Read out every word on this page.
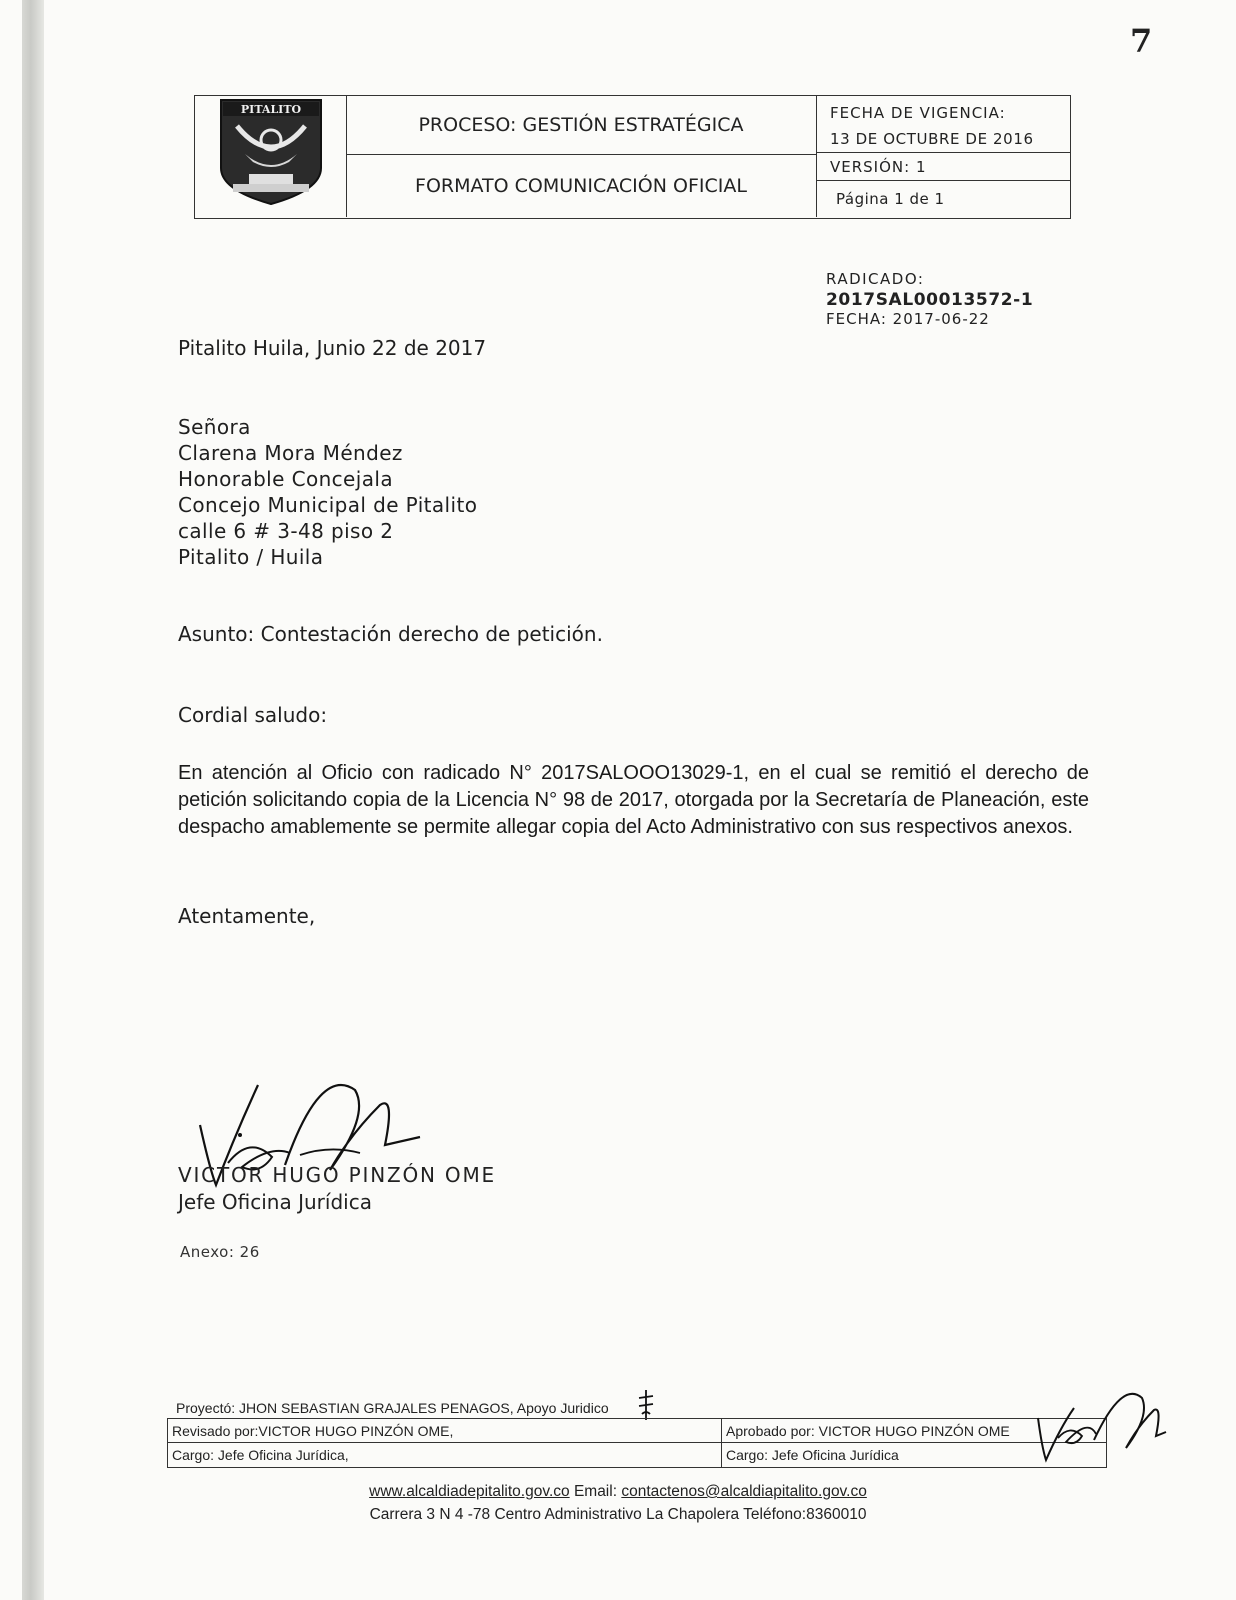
7
PITALITO
PROCESO: GESTIÓN ESTRATÉGICA
FORMATO COMUNICACIÓN OFICIAL
FECHA DE VIGENCIA:
13 DE OCTUBRE DE 2016
VERSIÓN: 1
Página 1 de 1
RADICADO:
2017SAL00013572-1
FECHA: 2017-06-22
Pitalito Huila, Junio 22 de 2017
Señora
Clarena Mora Méndez
Honorable Concejala
Concejo Municipal de Pitalito
calle 6 # 3-48 piso 2
Pitalito / Huila
Asunto: Contestación derecho de petición.
Cordial saludo:
En atención al Oficio con radicado N° 2017SALOOO13029-1, en el cual se remitió el derecho de petición solicitando copia de la Licencia N° 98 de 2017, otorgada por la Secretaría de Planeación, este despacho amablemente se permite allegar copia del Acto Administrativo con sus respectivos anexos.
Atentamente,
VICTOR HUGO PINZÓN OME
Jefe Oficina Jurídica
Anexo: 26
Proyectó: JHON SEBASTIAN GRAJALES PENAGOS, Apoyo Juridico
Revisado por:VICTOR HUGO PINZÓN OME,
Cargo: Jefe Oficina Jurídica,
Aprobado por: VICTOR HUGO PINZÓN OME
Cargo: Jefe Oficina Jurídica
www.alcaldiadepitalito.gov.co Email: contactenos@alcaldiapitalito.gov.co
Carrera 3 N 4 -78 Centro Administrativo La Chapolera Teléfono:8360010
